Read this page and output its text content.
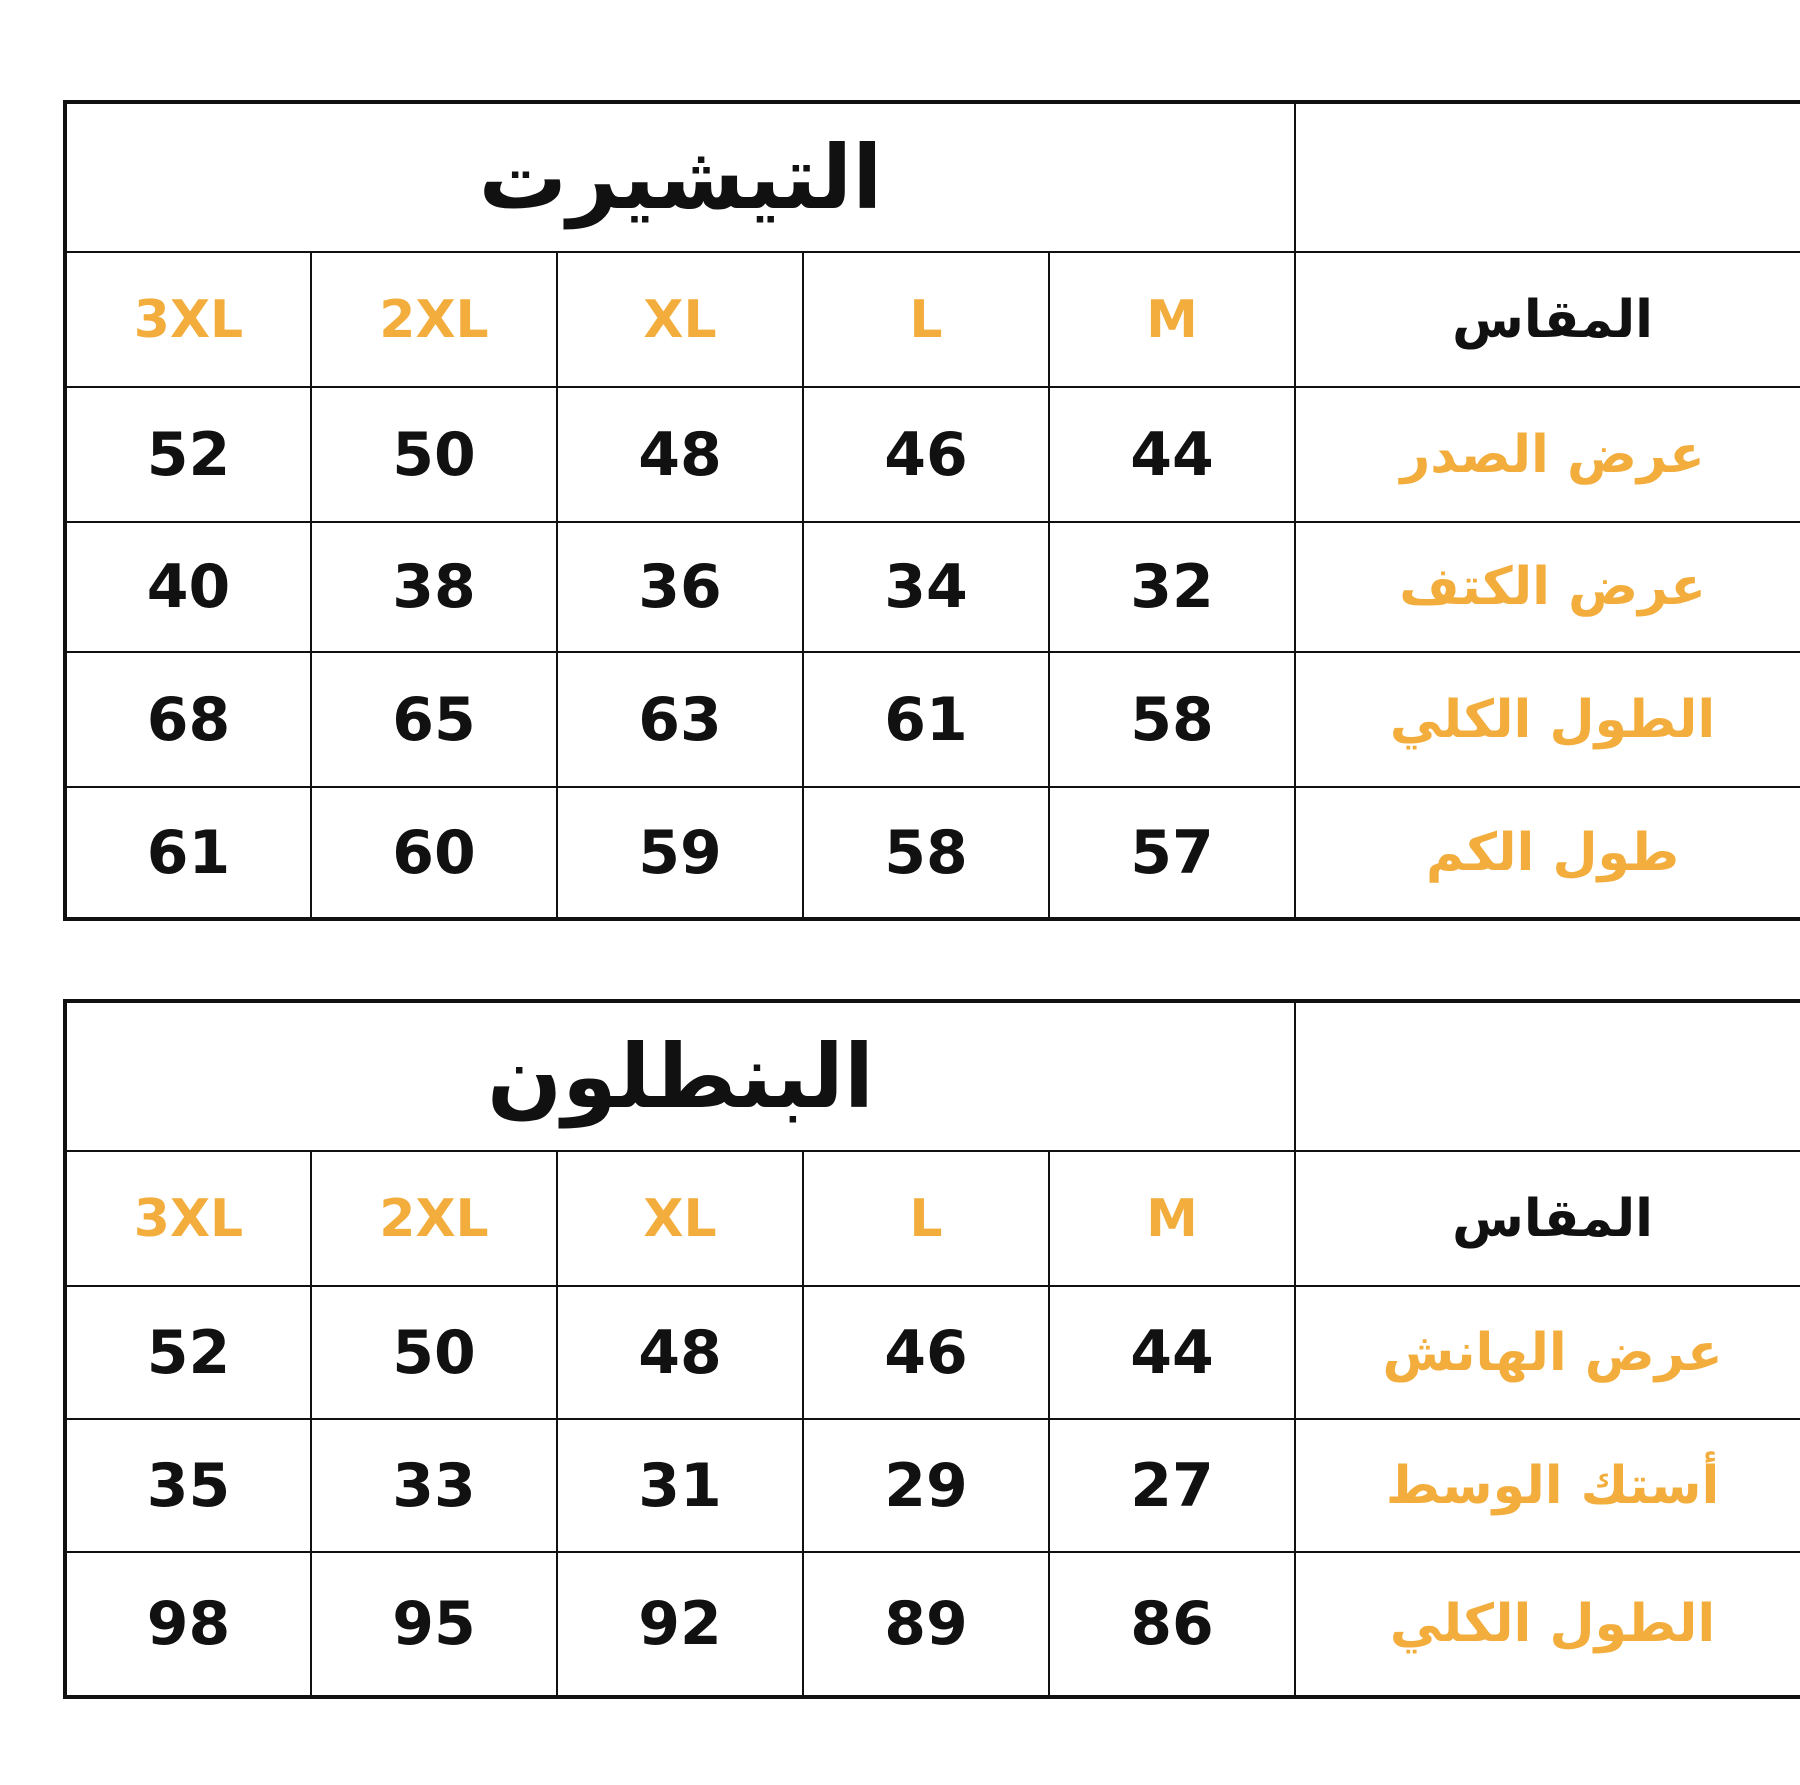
التيشيرت					
3XL	2XL	XL	L	M	المقاس
52	50	48	46	44	عرض الصدر
40	38	36	34	32	عرض الكتف
68	65	63	61	58	الطول الكلي
61	60	59	58	57	طول الكم
البنطلون					
3XL	2XL	XL	L	M	المقاس
52	50	48	46	44	عرض الهانش
35	33	31	29	27	أستك الوسط
98	95	92	89	86	الطول الكلي
